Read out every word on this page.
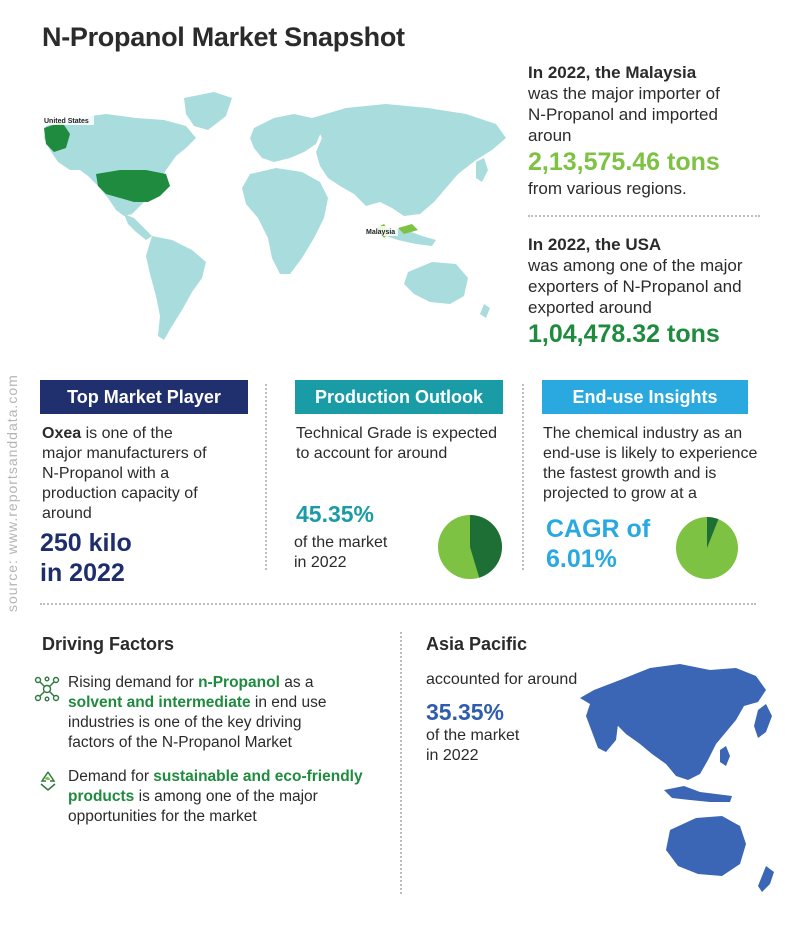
N-Propanol Market Snapshot
source: www.reportsanddata.com
United States
Malaysia
In 2022, the Malaysia
was the major importer of
N-Propanol and imported
aroun
2,13,575.46 tons
from various regions.
In 2022, the USA
was among one of the major
exporters of N-Propanol and
exported around
1,04,478.32 tons
Top Market Player
Oxea is one of the
major manufacturers of
N-Propanol with a
production capacity of
around
250 kilo
in 2022
Production Outlook
Technical Grade is expected
to account for around
45.35%
of the market
in 2022
End-use Insights
The chemical industry as an
end-use is likely to experience
the fastest growth and is
projected to grow at a
CAGR of
6.01%
Driving Factors
Rising demand for n-Propanol as a
solvent and intermediate in end use
industries is one of the key driving
factors of the N-Propanol Market
Demand for sustainable and eco-friendly
products is among one of the major
opportunities for the market
Asia Pacific
accounted for around
35.35%
of the market
in 2022
